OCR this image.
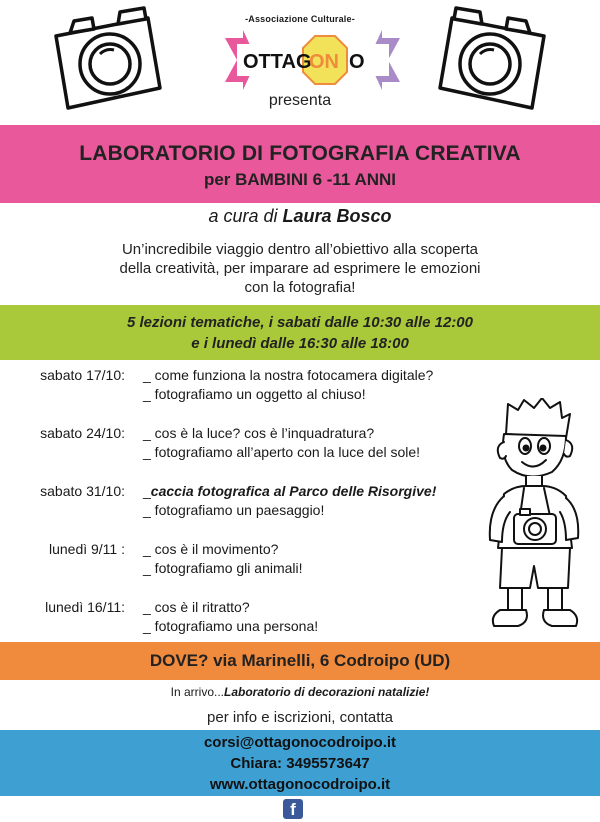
-Associazione Culturale-
OTTAG
ON O
presenta
LABORATORIO DI FOTOGRAFIA CREATIVA
per BAMBINI 6 -11 ANNI
a cura di Laura Bosco
Un’incredibile viaggio dentro all’obiettivo alla scoperta
della creatività, per imparare ad esprimere le emozioni
con la fotografia!
5 lezioni tematiche, i sabati dalle 10:30 alle 12:00
e i lunedì dalle 16:30 alle 18:00
sabato 17/10: _ come funziona la nostra fotocamera digitale?
_ fotografiamo un oggetto al chiuso!
sabato 24/10: _ cos è la luce? cos è l’inquadratura?
_ fotografiamo all’aperto con la luce del sole!
sabato 31/10: _caccia fotografica al Parco delle Risorgive!
_ fotografiamo un paesaggio!
lunedì 9/11 : _ cos è il movimento?
_ fotografiamo gli animali!
lunedì 16/11: _ cos è il ritratto?
_ fotografiamo una persona!
DOVE? via Marinelli, 6 Codroipo (UD)
In arrivo...Laboratorio di decorazioni natalizie!
per info e iscrizioni, contatta
corsi@ottagonocodroipo.it
Chiara: 3495573647
www.ottagonocodroipo.it
f
